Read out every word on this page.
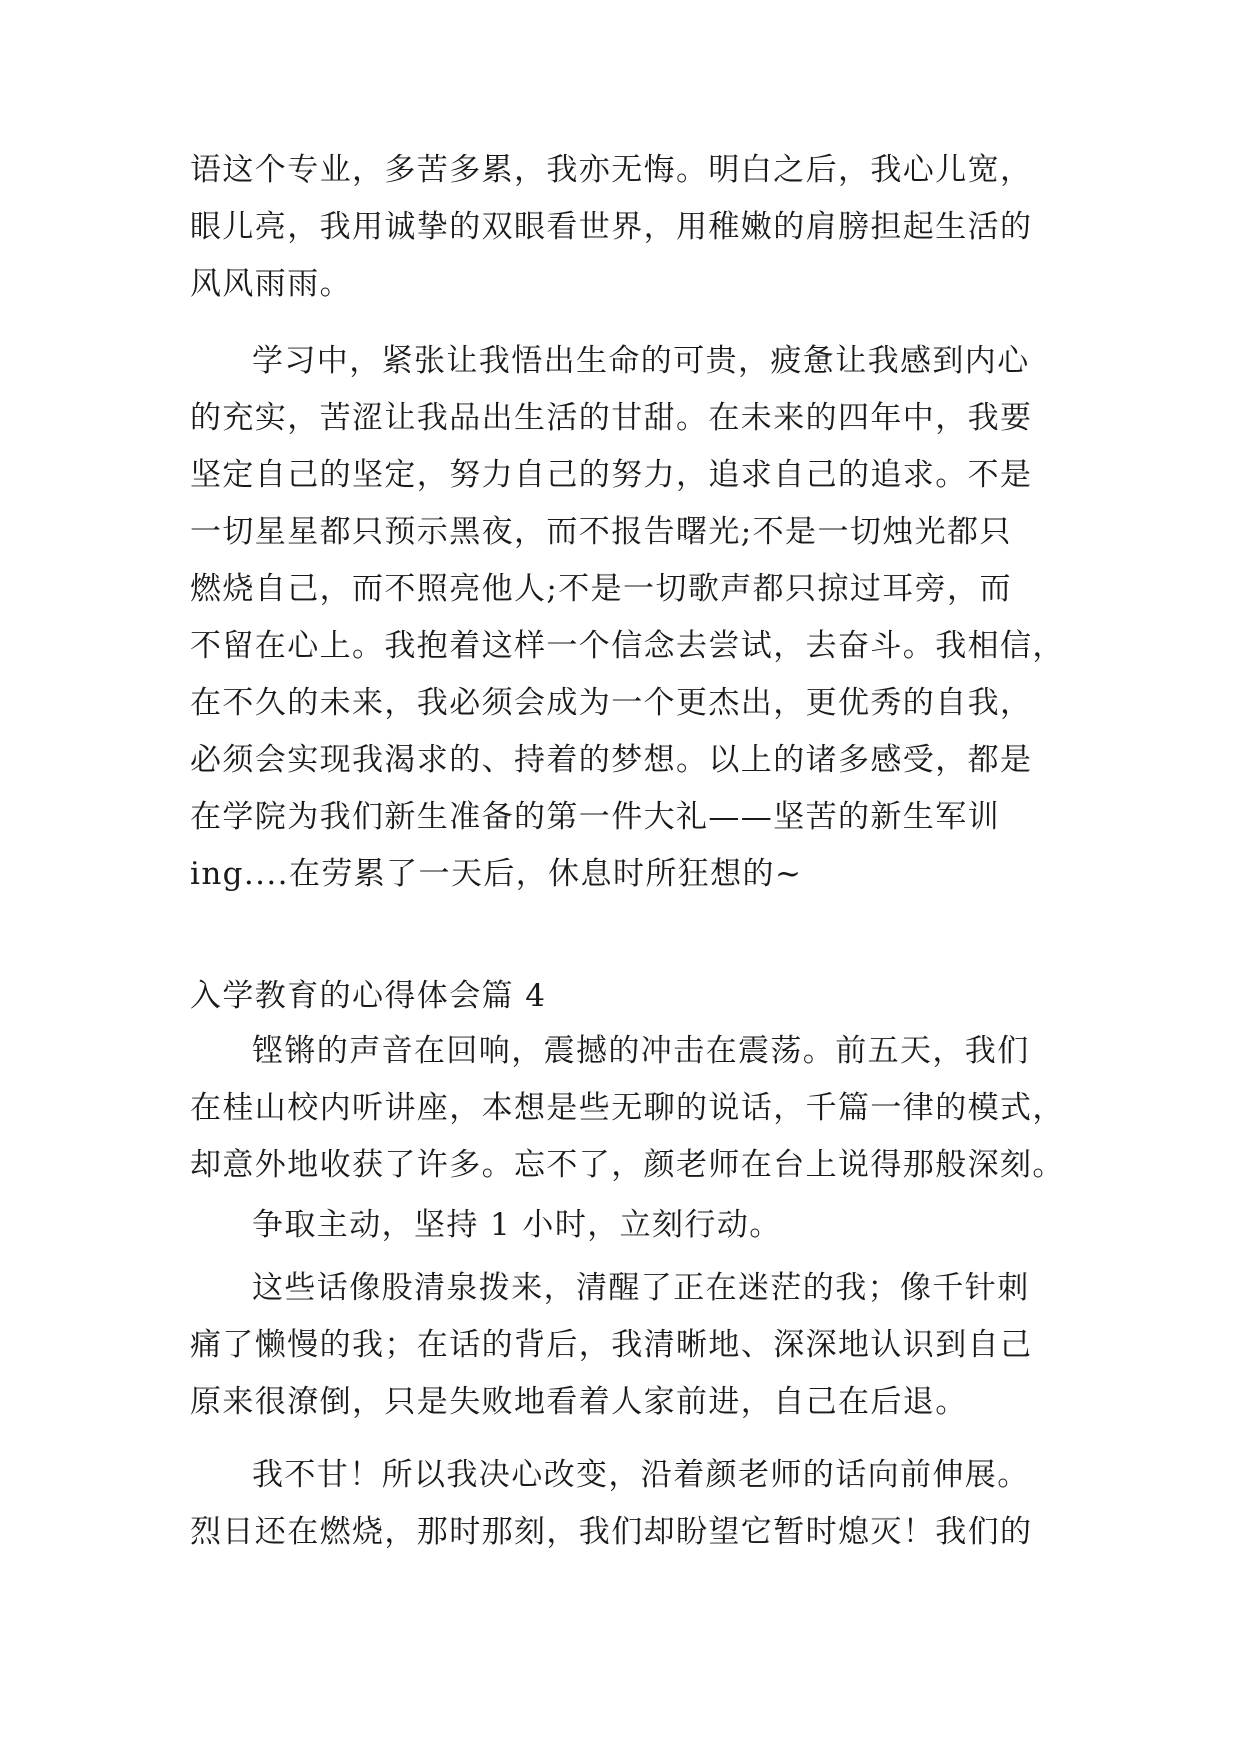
语这个专业，多苦多累，我亦无悔。明白之后，我心儿宽，
眼儿亮，我用诚挚的双眼看世界，用稚嫩的肩膀担起生活的
风风雨雨。
学习中，紧张让我悟出生命的可贵，疲惫让我感到内心
的充实，苦涩让我品出生活的甘甜。在未来的四年中，我要
坚定自己的坚定，努力自己的努力，追求自己的追求。不是
一切星星都只预示黑夜，而不报告曙光;不是一切烛光都只
燃烧自己，而不照亮他人;不是一切歌声都只掠过耳旁，而
不留在心上。我抱着这样一个信念去尝试，去奋斗。我相信，
在不久的未来，我必须会成为一个更杰出，更优秀的自我，
必须会实现我渴求的、持着的梦想。以上的诸多感受，都是
在学院为我们新生准备的第一件大礼——坚苦的新生军训
ing....在劳累了一天后，休息时所狂想的~
入学教育的心得体会篇 4
铿锵的声音在回响，震撼的冲击在震荡。前五天，我们
在桂山校内听讲座，本想是些无聊的说话，千篇一律的模式，
却意外地收获了许多。忘不了，颜老师在台上说得那般深刻。
争取主动，坚持 1 小时，立刻行动。
这些话像股清泉拨来，清醒了正在迷茫的我；像千针刺
痛了懒慢的我；在话的背后，我清晰地、深深地认识到自己
原来很潦倒，只是失败地看着人家前进，自己在后退。
我不甘！所以我决心改变，沿着颜老师的话向前伸展。
烈日还在燃烧，那时那刻，我们却盼望它暂时熄灭！我们的
